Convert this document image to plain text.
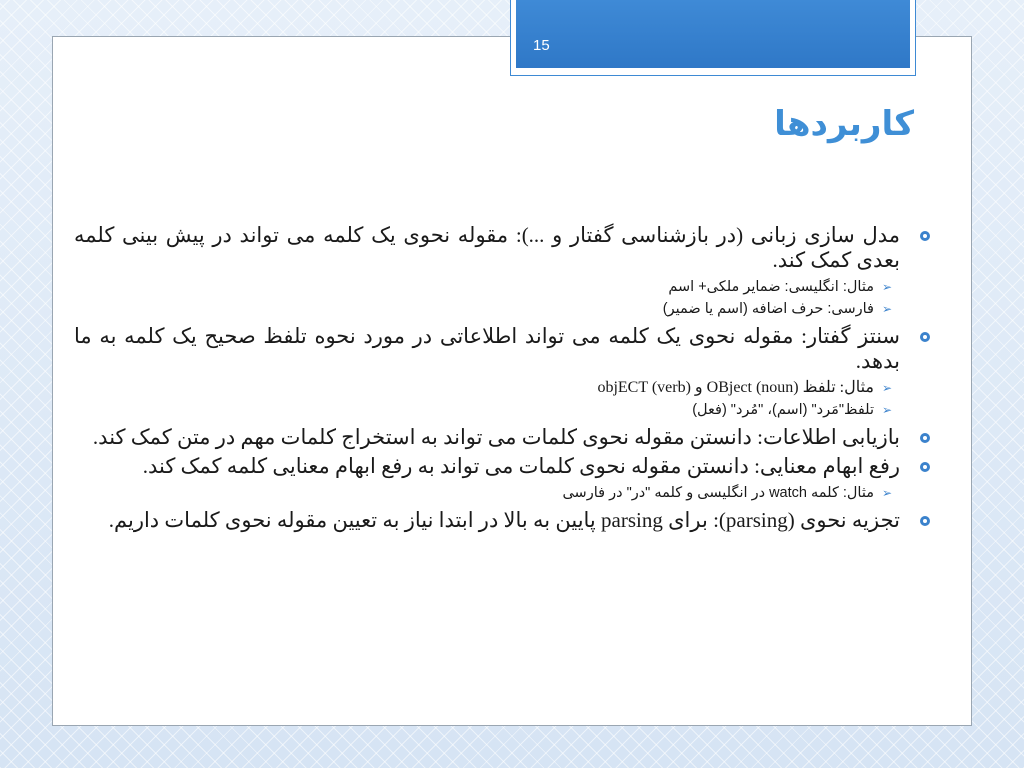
15
کاربردها
مدل سازی زبانی (در بازشناسی گفتار و ...): مقوله نحوی یک کلمه می تواند در پیش بینی کلمه بعدی کمک کند.
➢
مثال: انگلیسی: ضمایر ملکی+ اسم
➢
فارسی: حرف اضافه (اسم یا ضمیر)
سنتز گفتار: مقوله نحوی یک کلمه می تواند اطلاعاتی در مورد نحوه تلفظ صحیح یک کلمه به ما بدهد.
➢
مثال: تلفظ OBject (noun) و objECT (verb)
➢
تلفظ"مَرد" (اسم)، "مُرد" (فعل)
بازیابی اطلاعات: دانستن مقوله نحوی کلمات می تواند به استخراج کلمات مهم در متن کمک کند.
رفع ابهام معنایی: دانستن مقوله نحوی کلمات می تواند به رفع ابهام معنایی کلمه کمک کند.
➢
مثال: کلمه watch در انگلیسی و کلمه "در" در فارسی
تجزیه نحوی (parsing): برای parsing پایین به بالا در ابتدا نیاز به تعیین مقوله نحوی کلمات داریم.
